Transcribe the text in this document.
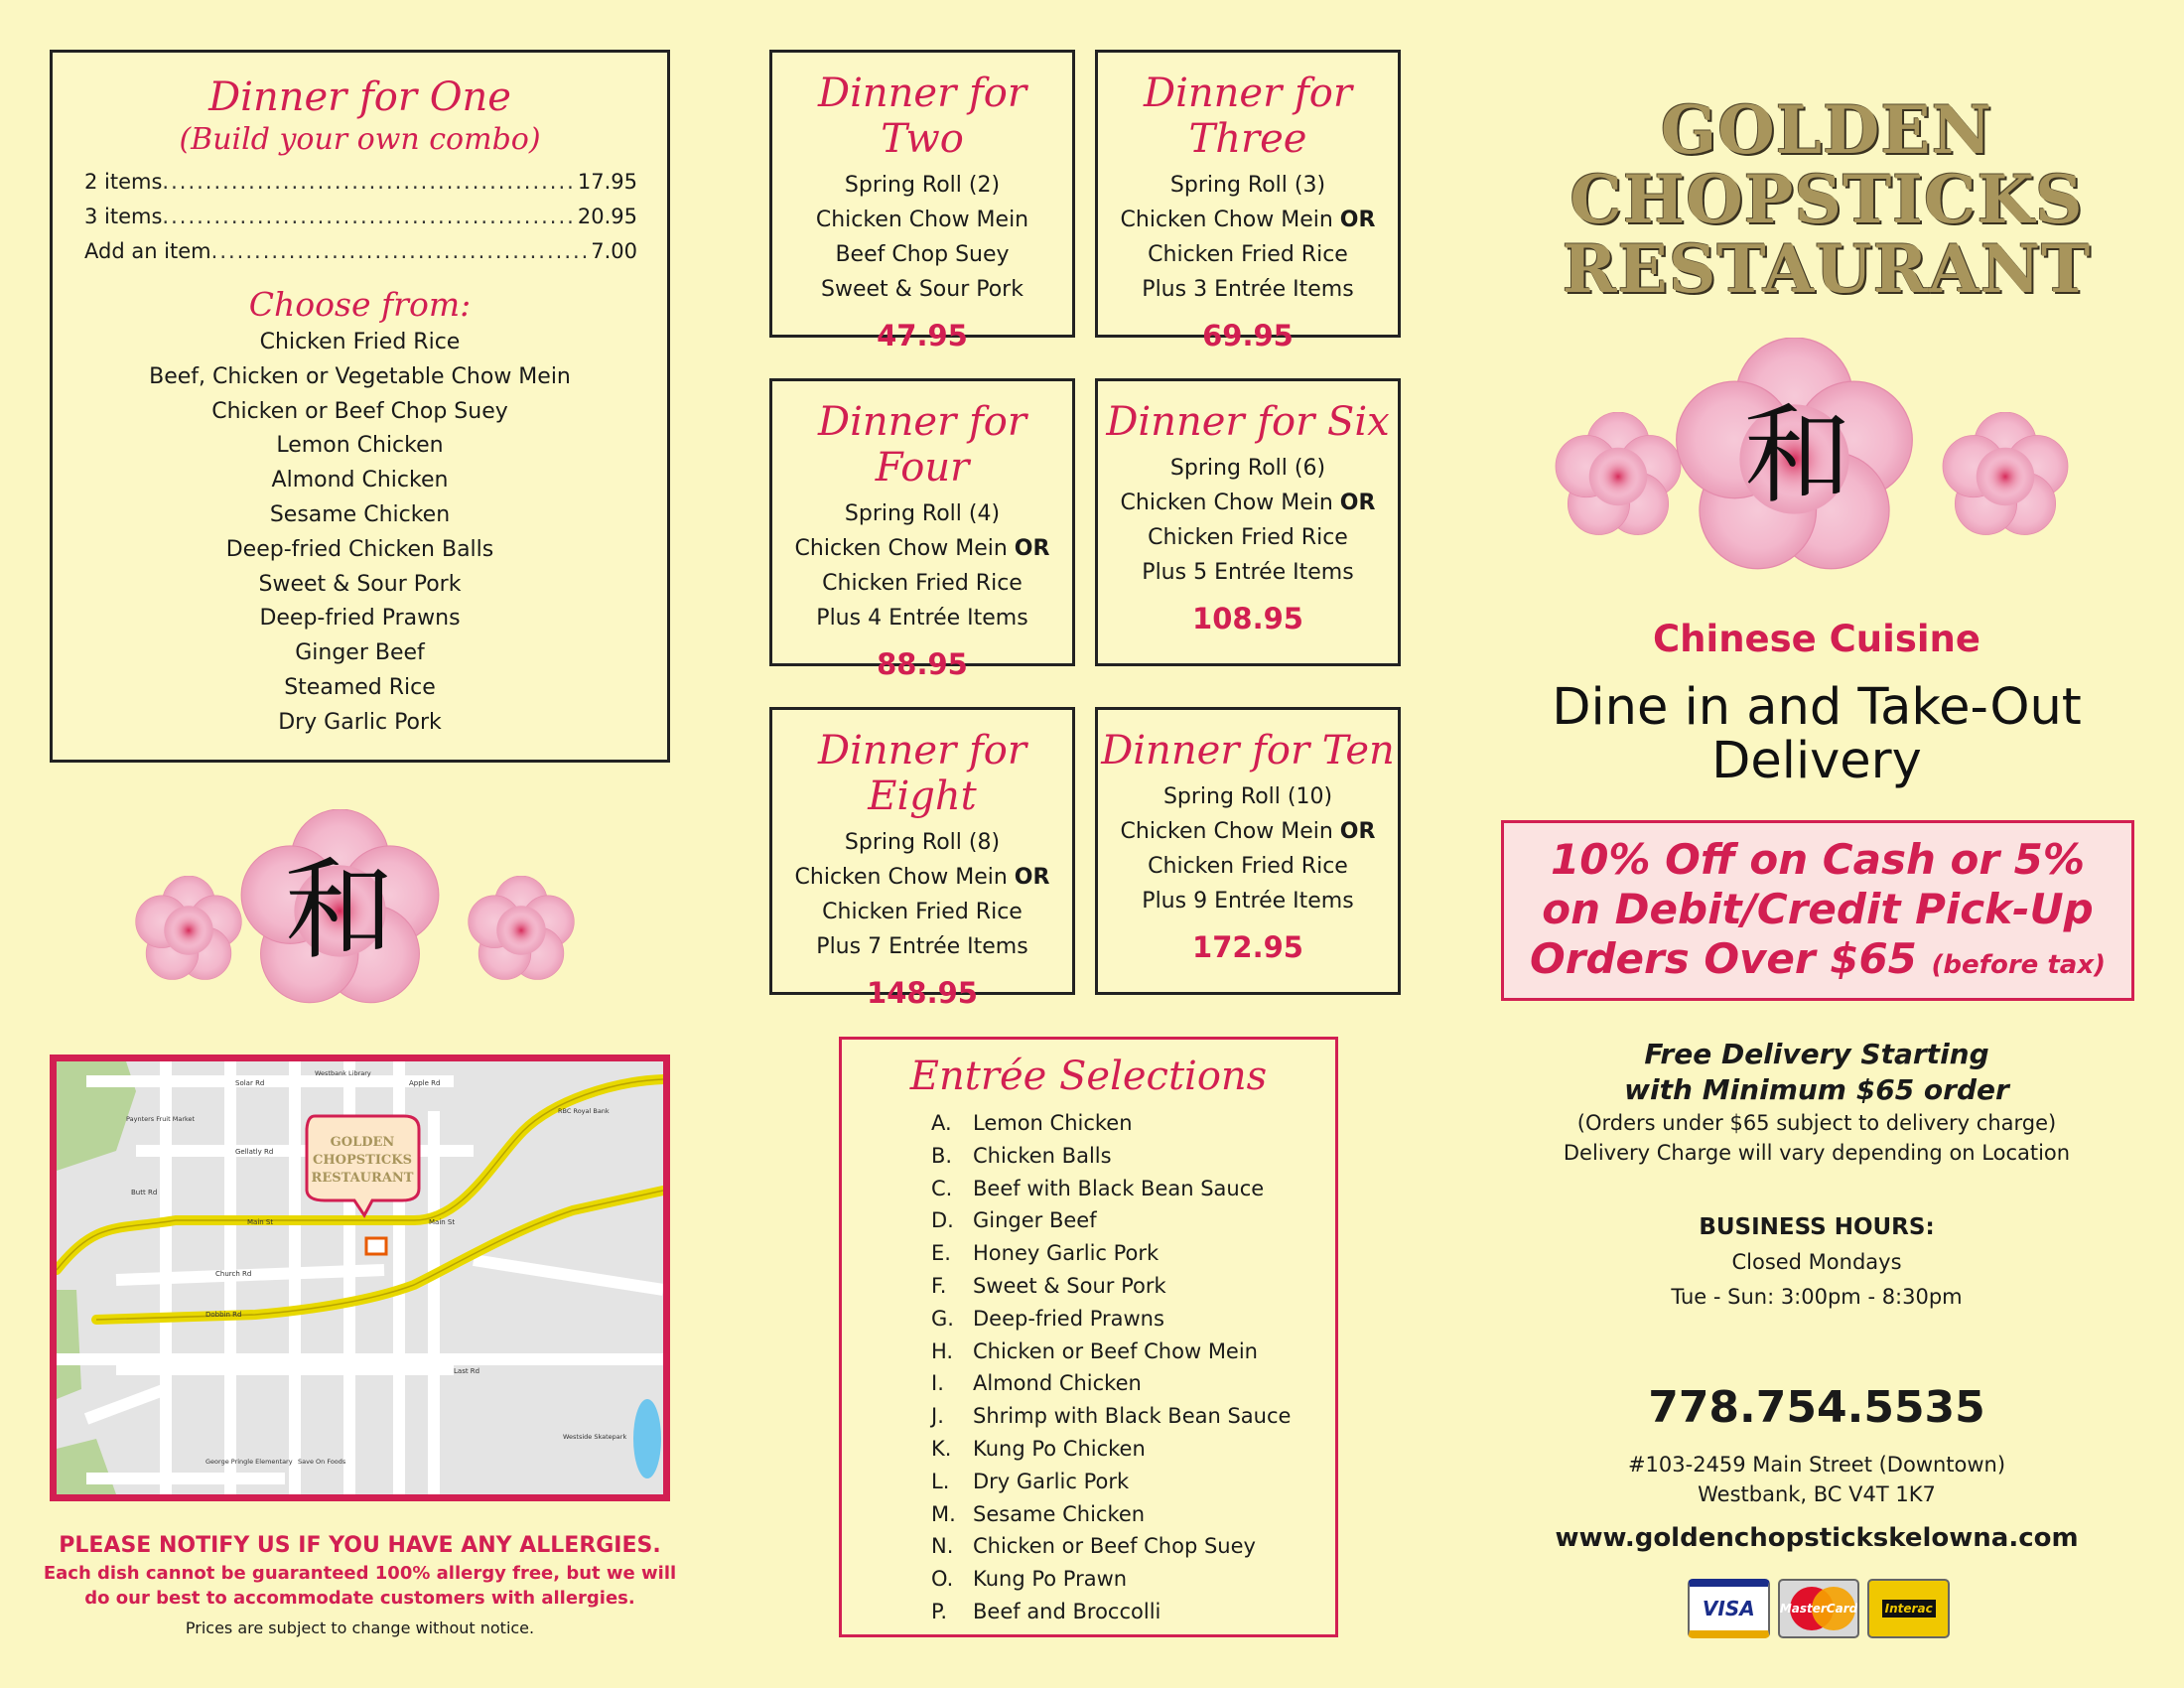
Dinner for One
(Build your own combo)
2 items .....	17.95
3 items .....	20.95
Add an item .....	7.00
Choose from:
Chicken Fried Rice
Beef, Chicken or Vegetable Chow Mein
Chicken or Beef Chop Suey
Lemon Chicken
Almond Chicken
Sesame Chicken
Deep-fried Chicken Balls
Sweet & Sour Pork
Deep-fried Prawns
Ginger Beef
Steamed Rice
Dry Garlic Pork
Dinner for Two
Spring Roll (2)
Chicken Chow Mein
Beef Chop Suey
Sweet & Sour Pork
47.95
Dinner for Three
Spring Roll (3)
Chicken Chow Mein OR
Chicken Fried Rice
Plus 3 Entrée Items
69.95
Dinner for Four
Spring Roll (4)
Chicken Chow Mein OR
Chicken Fried Rice
Plus 4 Entrée Items
88.95
Dinner for Six
Spring Roll (6)
Chicken Chow Mein OR
Chicken Fried Rice
Plus 5 Entrée Items
108.95
Dinner for Eight
Spring Roll (8)
Chicken Chow Mein OR
Chicken Fried Rice
Plus 7 Entrée Items
148.95
Dinner for Ten
Spring Roll (10)
Chicken Chow Mein OR
Chicken Fried Rice
Plus 9 Entrée Items
172.95
和
和
GOLDEN
CHOPSTICKS
RESTAURANT
Chinese Cuisine
Dine in and Take-Out
Delivery
10% Off on Cash or 5%
on Debit/Credit Pick-Up
Orders Over $65 (before tax)
Free Delivery Starting
with Minimum $65 order
(Orders under $65 subject to delivery charge)
Delivery Charge will vary depending on Location
BUSINESS HOURS:
Closed Mondays
Tue - Sun: 3:00pm - 8:30pm
778.754.5535
#103-2459 Main Street (Downtown)
Westbank, BC V4T 1K7
www.goldenchopstickskelowna.com
VISA	MasterCard Interac
GOLDEN
CHOPSTICKS
RESTAURANT
Main St	Main St
Dobbin Rd
Church Rd
Solar Rd
Gellatly Rd
Apple Rd
Last Rd
Butt Rd
Westbank Library
Paynters Fruit Market
RBC Royal Bank
George Pringle Elementary Save On Foods
Westside Skatepark
PLEASE NOTIFY US IF YOU HAVE ANY ALLERGIES.
Each dish cannot be guaranteed 100% allergy free, but we will
do our best to accommodate customers with allergies.
Prices are subject to change without notice.
Entrée Selections
A.	Lemon Chicken
B. Chicken Balls
C. Beef with Black Bean Sauce
D. Ginger Beef
E.	Honey Garlic Pork
F.	Sweet & Sour Pork
G. Deep-fried Prawns
H. Chicken or Beef Chow Mein
I.	Almond Chicken
J.	Shrimp with Black Bean Sauce
K.	Kung Po Chicken
L.	Dry Garlic Pork
M. Sesame Chicken
N. Chicken or Beef Chop Suey
O. Kung Po Prawn
P.	Beef and Broccolli
